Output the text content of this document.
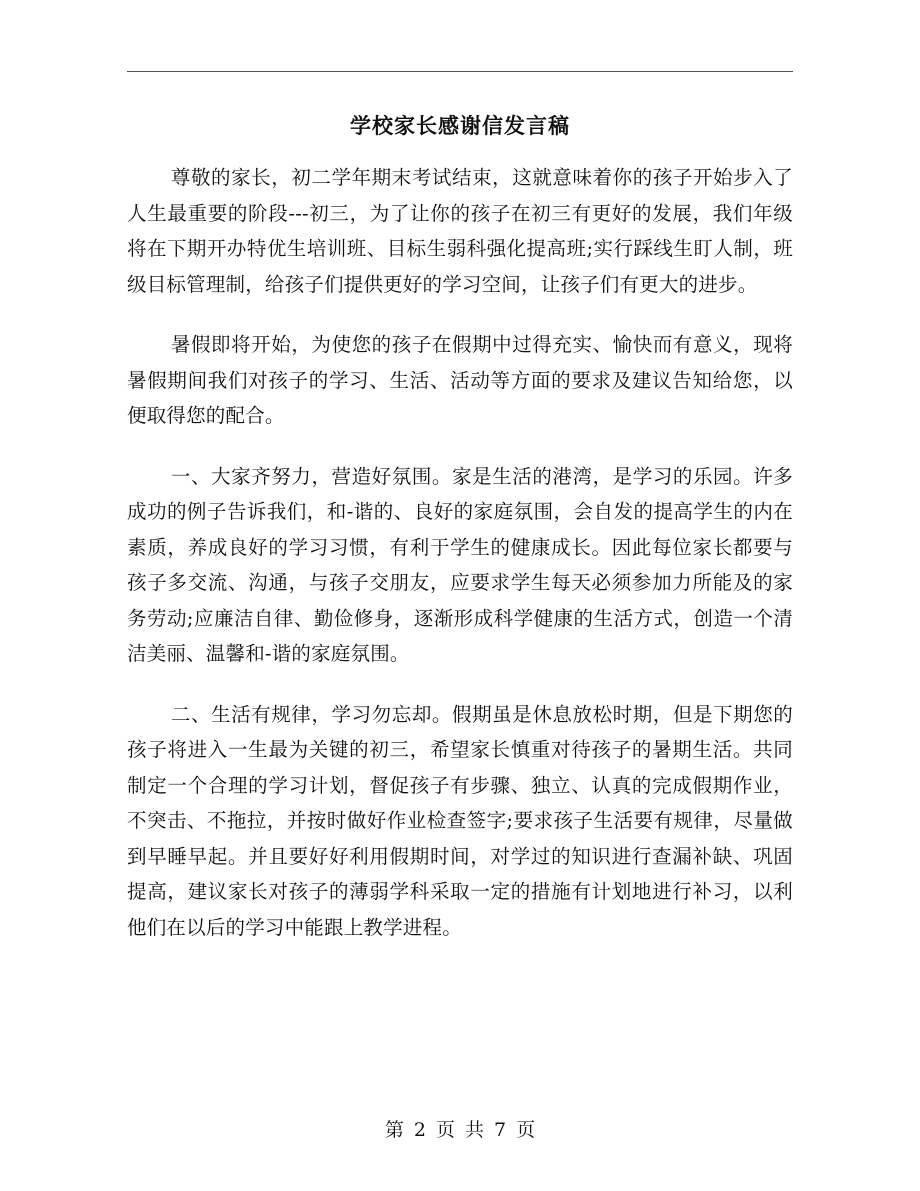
学校家长感谢信发言稿

尊敬的家长，初二学年期末考试结束，这就意味着你的孩子开始步入了人生最重要的阶段---初三，为了让你的孩子在初三有更好的发展，我们年级将在下期开办特优生培训班、目标生弱科强化提高班;实行踩线生盯人制，班级目标管理制，给孩子们提供更好的学习空间，让孩子们有更大的进步。

暑假即将开始，为使您的孩子在假期中过得充实、愉快而有意义，现将暑假期间我们对孩子的学习、生活、活动等方面的要求及建议告知给您，以便取得您的配合。

一、大家齐努力，营造好氛围。家是生活的港湾，是学习的乐园。许多成功的例子告诉我们，和-谐的、良好的家庭氛围，会自发的提高学生的内在素质，养成良好的学习习惯，有利于学生的健康成长。因此每位家长都要与孩子多交流、沟通，与孩子交朋友，应要求学生每天必须参加力所能及的家务劳动;应廉洁自律、勤俭修身，逐渐形成科学健康的生活方式，创造一个清洁美丽、温馨和-谐的家庭氛围。

二、生活有规律，学习勿忘却。假期虽是休息放松时期，但是下期您的孩子将进入一生最为关键的初三，希望家长慎重对待孩子的暑期生活。共同制定一个合理的学习计划，督促孩子有步骤、独立、认真的完成假期作业，不突击、不拖拉，并按时做好作业检查签字;要求孩子生活要有规律，尽量做到早睡早起。并且要好好利用假期时间，对学过的知识进行查漏补缺、巩固提高，建议家长对孩子的薄弱学科采取一定的措施有计划地进行补习，以利他们在以后的学习中能跟上教学进程。

第 2 页 共 7 页
